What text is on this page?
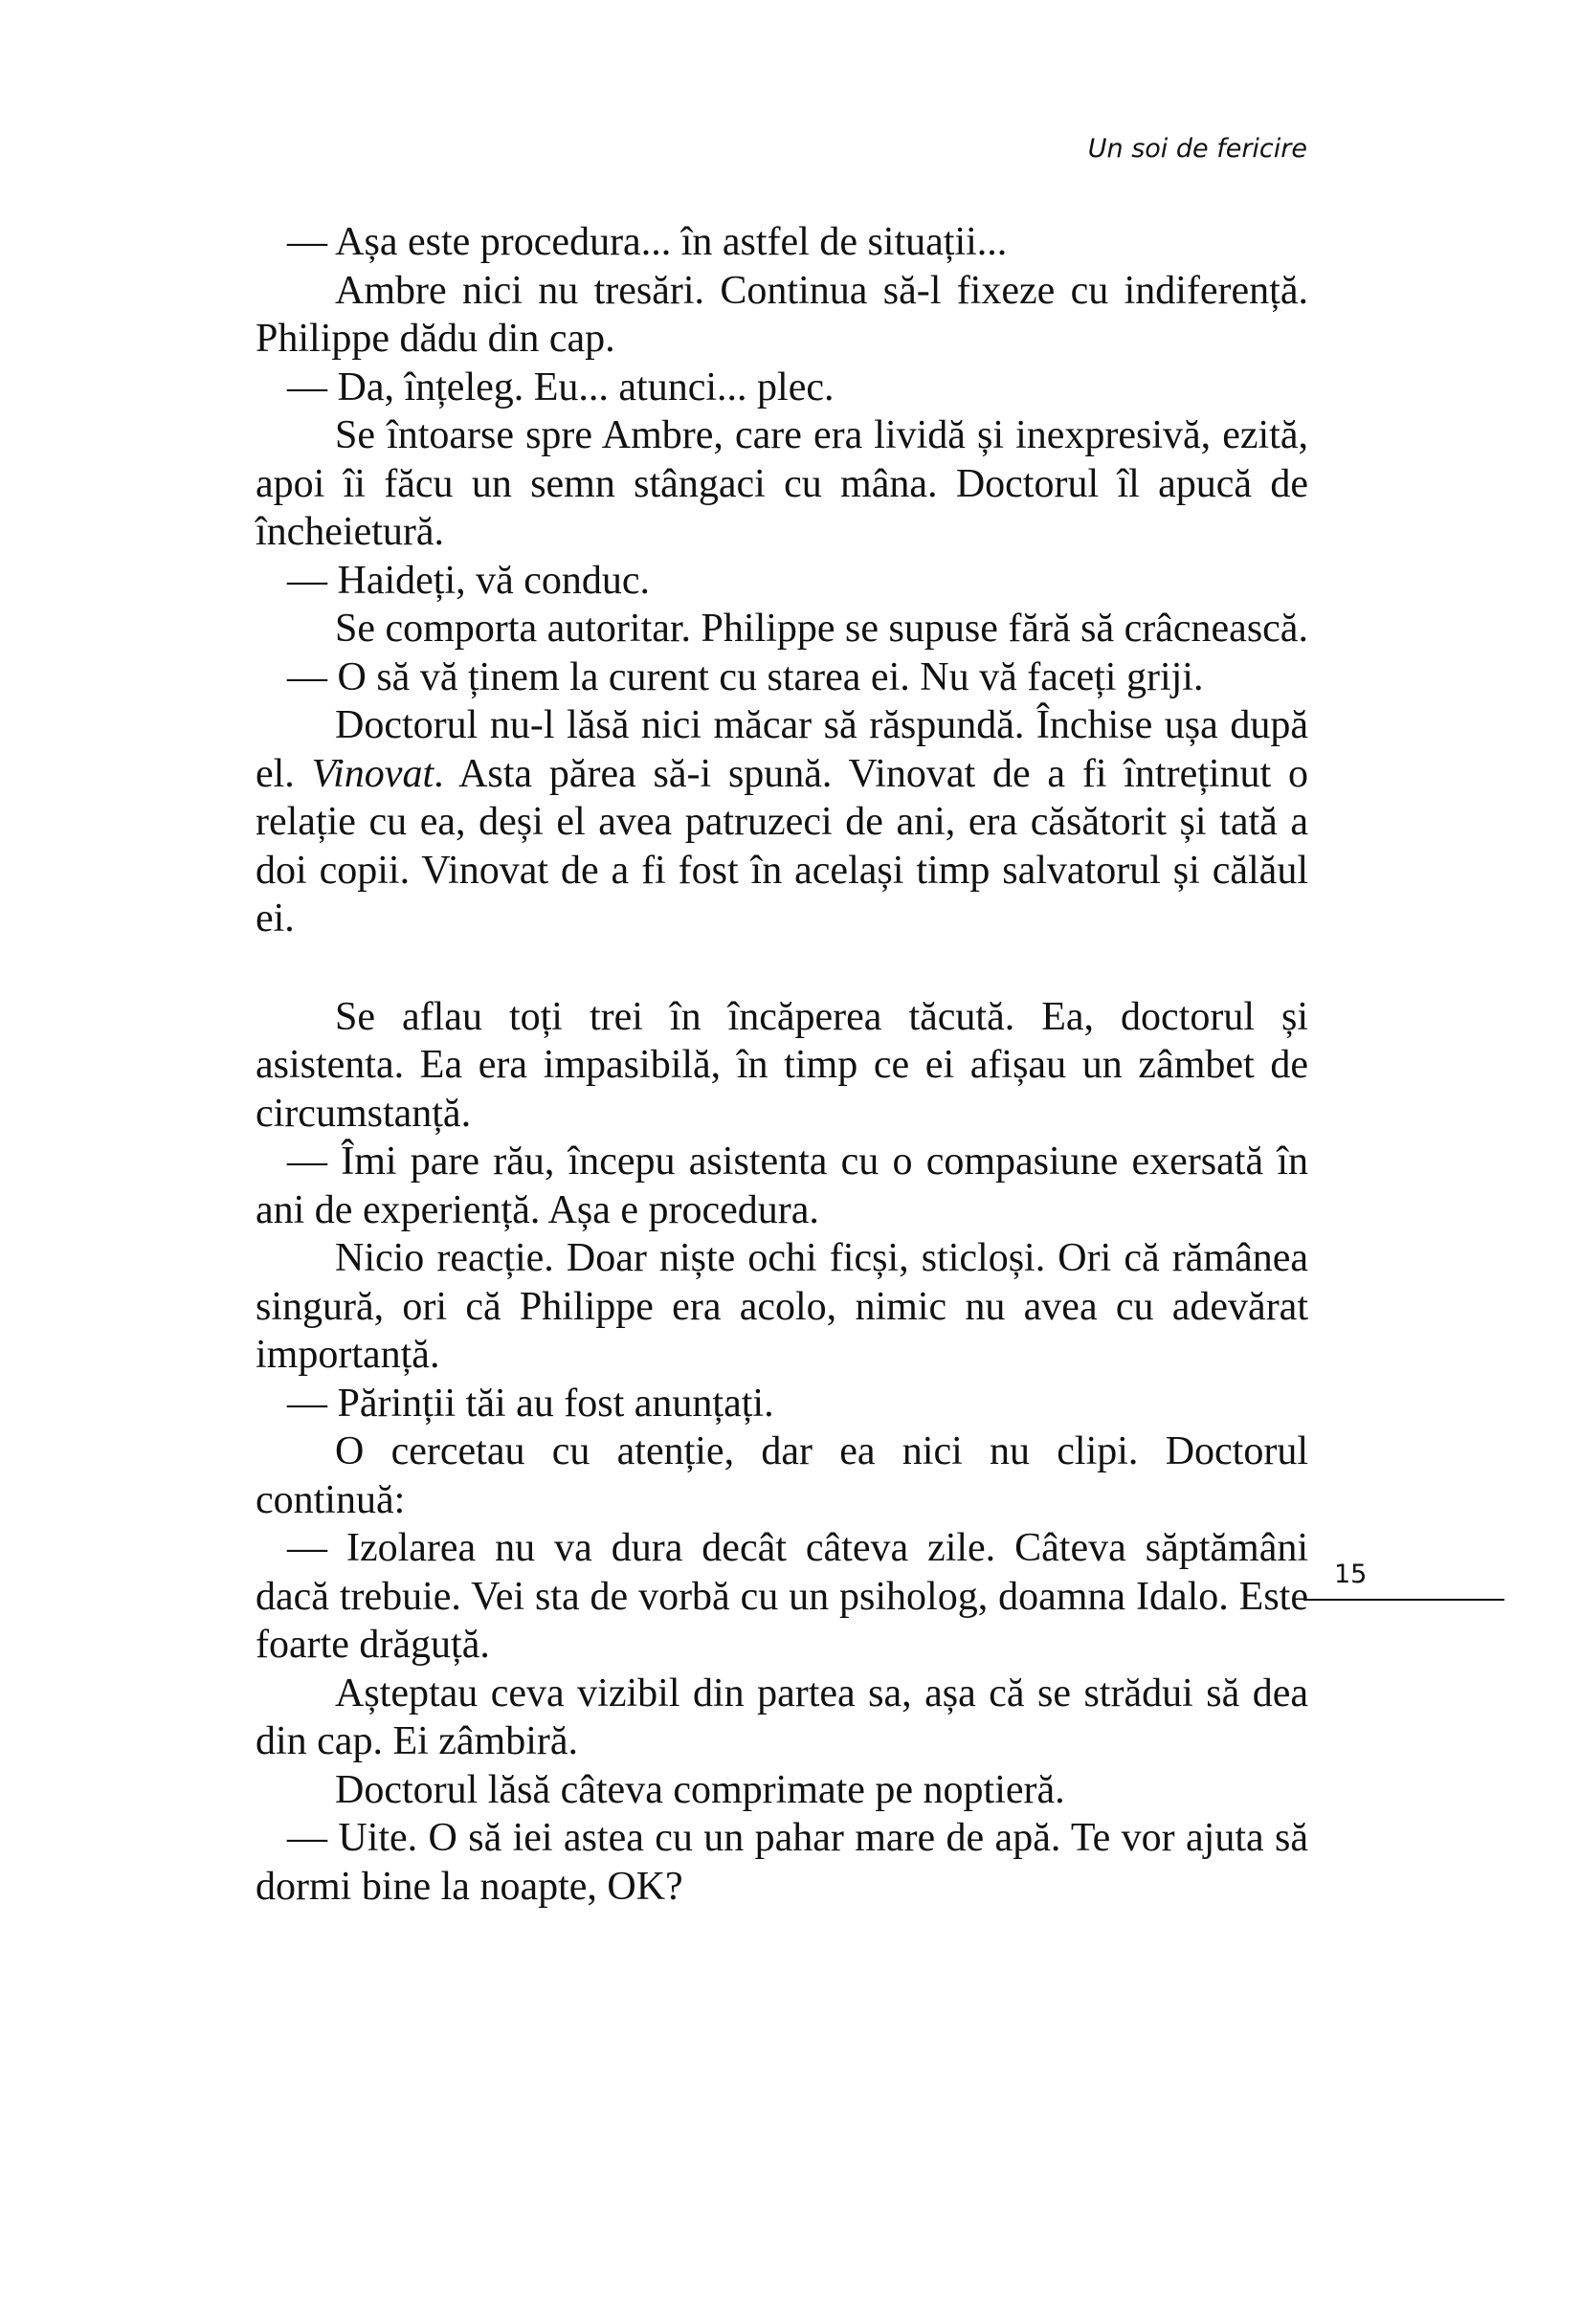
Un soi de fericire

— Așa este procedura... în astfel de situații...

Ambre nici nu tresări. Continua să-l fixeze cu indiferență. Philippe dădu din cap.

— Da, înțeleg. Eu... atunci... plec.

Se întoarse spre Ambre, care era lividă și inexpresivă, ezită, apoi îi făcu un semn stângaci cu mâna. Doctorul îl apucă de încheietură.

— Haideți, vă conduc.

Se comporta autoritar. Philippe se supuse fără să crâcnească.

— O să vă ținem la curent cu starea ei. Nu vă faceți griji.

Doctorul nu-l lăsă nici măcar să răspundă. Închise ușa după el. Vinovat. Asta părea să-i spună. Vinovat de a fi întreținut o relație cu ea, deși el avea patruzeci de ani, era căsătorit și tată a doi copii. Vinovat de a fi fost în același timp salvatorul și călăul ei.

Se aflau toți trei în încăperea tăcută. Ea, doctorul și asistenta. Ea era impasibilă, în timp ce ei afișau un zâmbet de circumstanță.

— Îmi pare rău, începu asistenta cu o compasiune exersată în ani de experiență. Așa e procedura.

Nicio reacție. Doar niște ochi ficși, sticloși. Ori că rămânea singură, ori că Philippe era acolo, nimic nu avea cu adevărat importanță.

— Părinții tăi au fost anunțați.

O cercetau cu atenție, dar ea nici nu clipi. Doctorul continuă:

— Izolarea nu va dura decât câteva zile. Câteva săptămâni dacă trebuie. Vei sta de vorbă cu un psiholog, doamna Idalo. Este foarte drăguță.

Așteptau ceva vizibil din partea sa, așa că se strădui să dea din cap. Ei zâmbiră.

Doctorul lăsă câteva comprimate pe noptieră.

— Uite. O să iei astea cu un pahar mare de apă. Te vor ajuta să dormi bine la noapte, OK?

15
